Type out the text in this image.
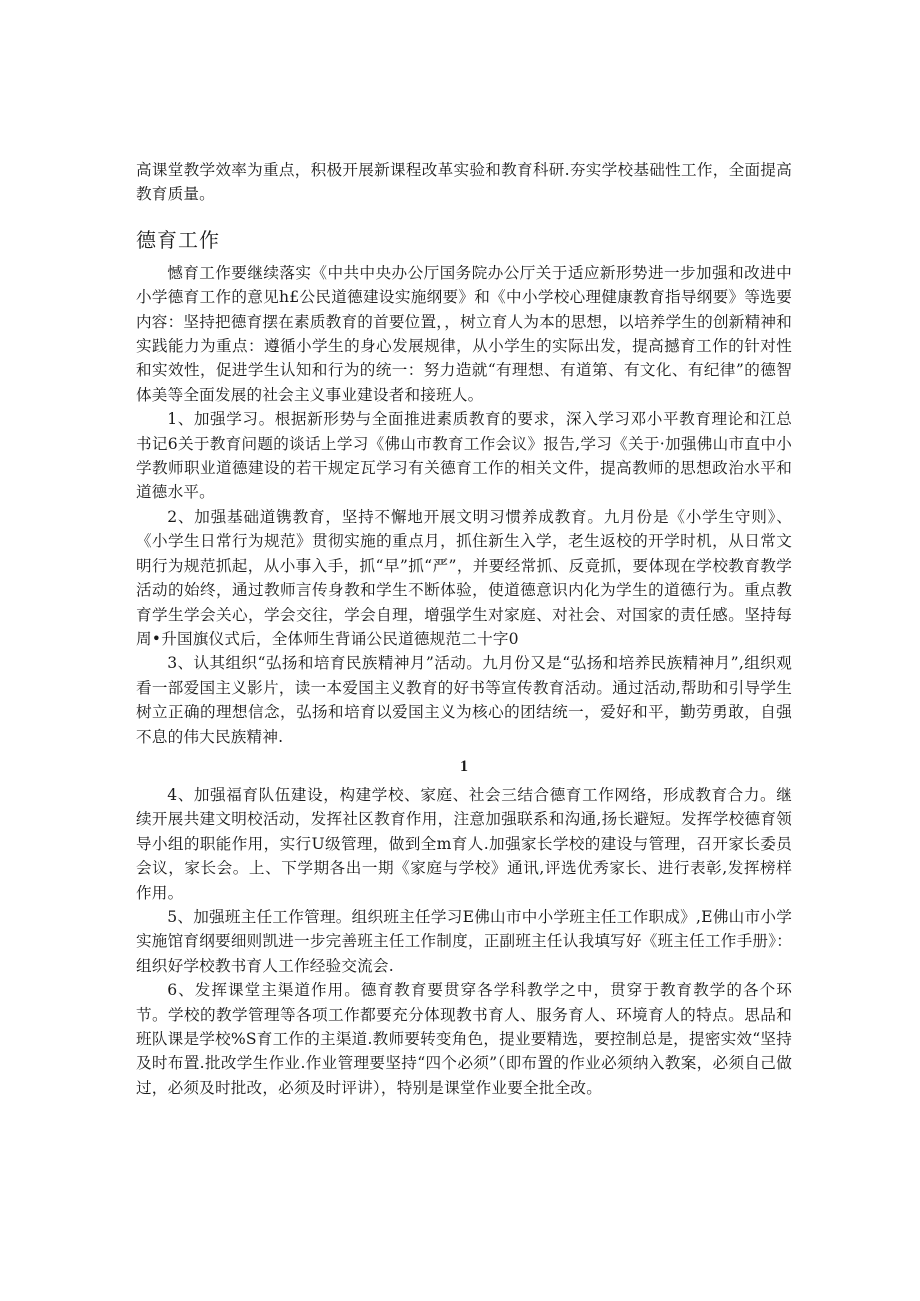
高课堂教学效率为重点，积极开展新课程改革实验和教育科研.夯实学校基础性工作，全面提高教育质量。

德育工作

憾育工作要继续落实《中共中央办公厅国务院办公厅关于适应新形势进一步加强和改进中小学德育工作的意见h£公民道德建设实施纲要》和《中小学校心理健康教育指导纲要》等选要内容：坚持把德育摆在素质教育的首要位置，，树立育人为本的思想，以培养学生的创新精神和实践能力为重点：遵循小学生的身心发展规律，从小学生的实际出发，提高撼育工作的针对性和实效性，促进学生认知和行为的统一：努力造就“有理想、有道第、有文化、有纪律”的德智体美等全面发展的社会主义事业建设者和接班人。

1、加强学习。根据新形势与全面推进素质教育的要求，深入学习邓小平教育理论和江总书记6关于教育问题的谈话上学习《佛山市教育工作会议》报告,学习《关于·加强佛山市直中小学教师职业道德建设的若干规定瓦学习有关德育工作的相关文件，提高教师的思想政治水平和道德水平。

2、加强基础道镌教育，坚持不懈地开展文明习惯养成教育。九月份是《小学生守则》、《小学生日常行为规范》贯彻实施的重点月，抓住新生入学，老生返校的开学时机，从日常文明行为规范抓起，从小事入手，抓“早”抓“严”，并要经常抓、反竟抓，要体现在学校教育教学活动的始终，通过教师言传身教和学生不断体验，使道德意识内化为学生的道德行为。重点教育学生学会关心，学会交往，学会自理，增强学生对家庭、对社会、对国家的责任感。坚持每周•升国旗仪式后，全体师生背诵公民道德规范二十字0

3、认其组织“弘扬和培育民族精神月”活动。九月份又是“弘扬和培养民族精神月”,组织观看一部爱国主义影片，读一本爱国主义教育的好书等宣传教育活动。通过活动,帮助和引导学生树立正确的理想信念，弘扬和培育以爱国主义为核心的团结统一，爱好和平，勤劳勇敢，自强不息的伟大民族精神.

1

4、加强福育队伍建设，构建学校、家庭、社会三结合德育工作网络，形成教育合力。继续开展共建文明校活动，发挥社区教育作用，注意加强联系和沟通,扬长避短。发挥学校德育领导小组的职能作用，实行U级管理，做到全m育人.加强家长学校的建设与管理，召开家长委员会议，家长会。上、下学期各出一期《家庭与学校》通讯,评选优秀家长、进行表彰,发挥榜样作用。

5、加强班主任工作管理。组织班主任学习E佛山市中小学班主任工作职成》,E佛山市小学实施馆育纲要细则凯进一步完善班主任工作制度，正副班主任认我填写好《班主任工作手册》：组织好学校教书育人工作经验交流会.

6、发挥课堂主渠道作用。德育教育要贯穿各学科教学之中，贯穿于教育教学的各个环节。学校的教学管理等各项工作都要充分体现教书育人、服务育人、环境育人的特点。思品和班队课是学校%S育工作的主渠道.教师要转变角色，提业要精选，要控制总是，提密实效“坚持及时布置.批改学生作业.作业管理要坚持“四个必须”（即布置的作业必须纳入教案，必须自己做过，必须及时批改，必须及时评讲），特别是课堂作业要全批全改。
